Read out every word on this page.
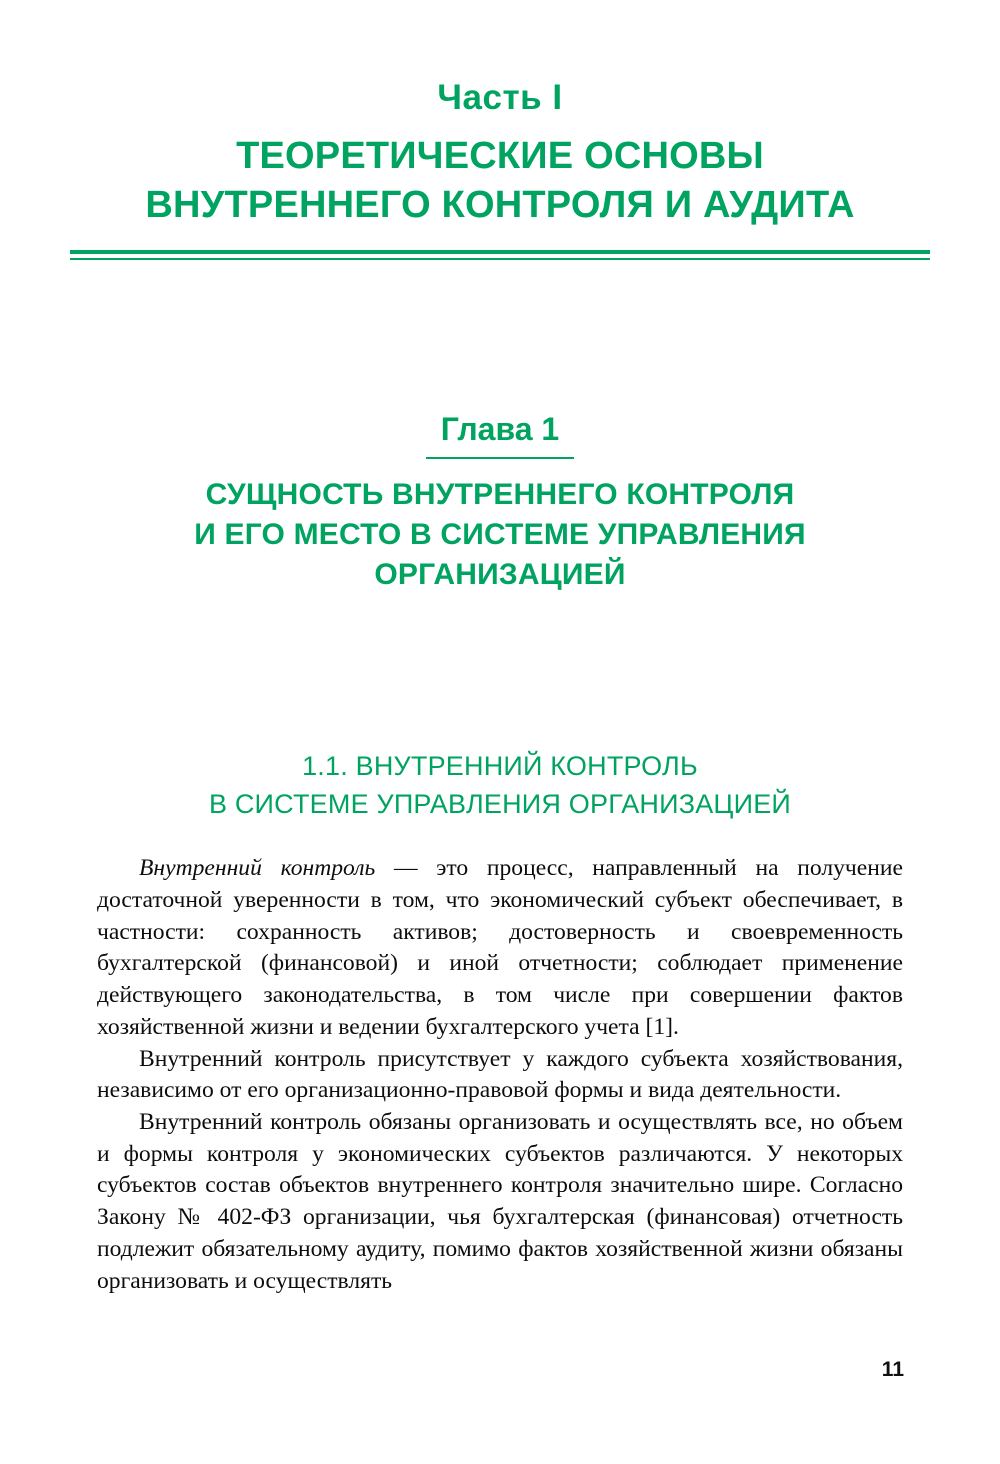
Часть I
ТЕОРЕТИЧЕСКИЕ ОСНОВЫ
ВНУТРЕННЕГО КОНТРОЛЯ И АУДИТА
Глава 1
СУЩНОСТЬ ВНУТРЕННЕГО КОНТРОЛЯ
И ЕГО МЕСТО В СИСТЕМЕ УПРАВЛЕНИЯ
ОРГАНИЗАЦИЕЙ
1.1. ВНУТРЕННИЙ КОНТРОЛЬ
В СИСТЕМЕ УПРАВЛЕНИЯ ОРГАНИЗАЦИЕЙ

Внутренний контроль — это процесс, направленный на получение достаточной уверенности в том, что экономический субъект обеспечивает, в частности: сохранность активов; достоверность и своевременность бухгалтерской (финансовой) и иной отчетности; соблюдает применение действующего законодательства, в том числе при совершении фактов хозяйственной жизни и ведении бухгалтерского учета [1].

Внутренний контроль присутствует у каждого субъекта хозяйствования, независимо от его организационно-правовой формы и вида деятельности.

Внутренний контроль обязаны организовать и осуществлять все, но объем и формы контроля у экономических субъектов различаются. У некоторых субъектов состав объектов внутреннего контроля значительно шире. Согласно Закону № 402-ФЗ организации, чья бухгалтерская (финансовая) отчетность подлежит обязательному аудиту, помимо фактов хозяйственной жизни обязаны организовать и осуществлять

11
